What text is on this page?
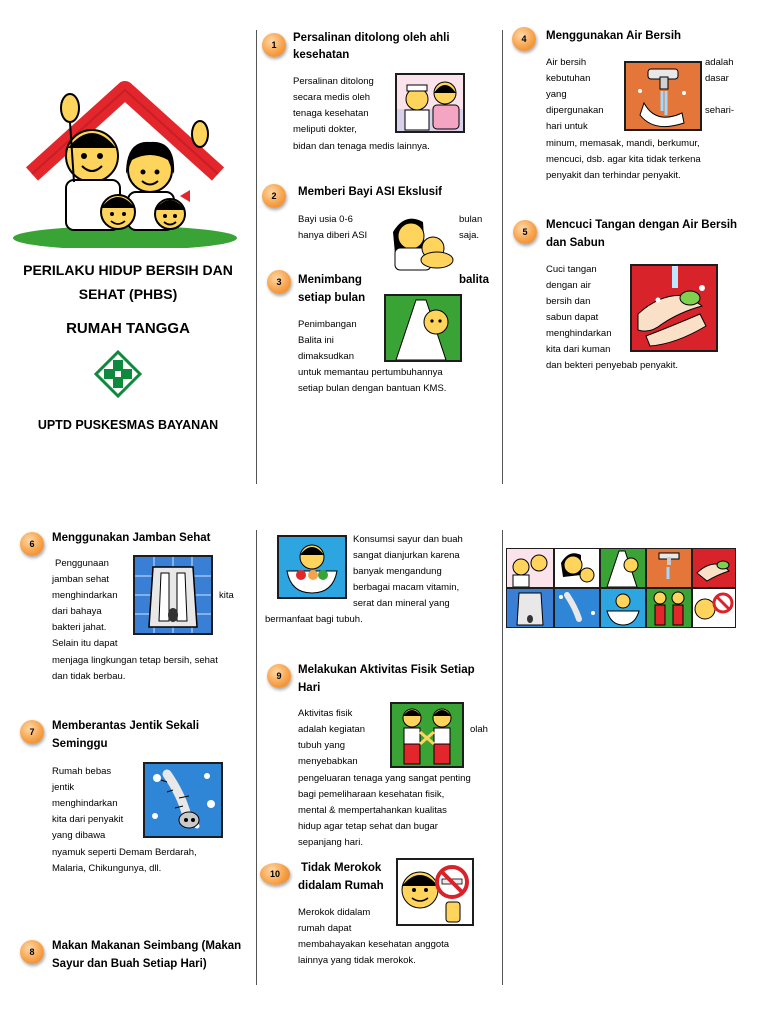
PERILAKU HIDUP BERSIH DAN
SEHAT (PHBS)
RUMAH TANGGA
UPTD PUSKESMAS BAYANAN
1
Persalinan ditolong oleh ahli
kesehatan
Persalinan ditolong
secara medis oleh
tenaga kesehatan
meliputi dokter,
bidan dan tenaga medis lainnya.
2	Memberi Bayi ASI Ekslusif
Bayi usia 0-6	bulan
hanya diberi ASI	saja.
3	Menimbang	balita
setiap bulan
Penimbangan
Balita ini
dimaksudkan
untuk memantau pertumbuhannya
setiap bulan dengan bantuan KMS.
4	Menggunakan Air Bersih
Air bersih	adalah
kebutuhan	dasar
yang
dipergunakan	sehari-
hari untuk
minum, memasak, mandi, berkumur,
mencuci, dsb. agar kita tidak terkena
penyakit dan terhindar penyakit.
5
Mencuci Tangan dengan Air Bersih
dan Sabun
Cuci tangan
dengan air
bersih dan
sabun dapat
menghindarkan
kita dari kuman
dan bekteri penyebab penyakit.
6	Menggunakan Jamban Sehat
Penggunaan
jamban sehat
menghindarkan	kita
dari bahaya
bakteri jahat.
Selain itu dapat
menjaga lingkungan tetap bersih, sehat
dan tidak berbau.
7	Memberantas Jentik Sekali
Seminggu
Rumah bebas
jentik
menghindarkan
kita dari penyakit
yang dibawa
nyamuk seperti Demam Berdarah,
Malaria, Chikungunya, dll.
8	Makan Makanan Seimbang (Makan
Sayur dan Buah Setiap Hari)
Konsumsi sayur dan buah
sangat dianjurkan karena
banyak mengandung
berbagai macam vitamin,
serat dan mineral yang
bermanfaat bagi tubuh.
9	Melakukan Aktivitas Fisik Setiap
Hari
Aktivitas fisik
adalah kegiatan	olah
tubuh yang
menyebabkan
pengeluaran tenaga yang sangat penting
bagi pemeliharaan kesehatan fisik,
mental & mempertahankan kualitas
hidup agar tetap sehat dan bugar
sepanjang hari.
10	Tidak Merokok
didalam Rumah
Merokok didalam
rumah dapat
membahayakan kesehatan anggota
lainnya yang tidak merokok.
